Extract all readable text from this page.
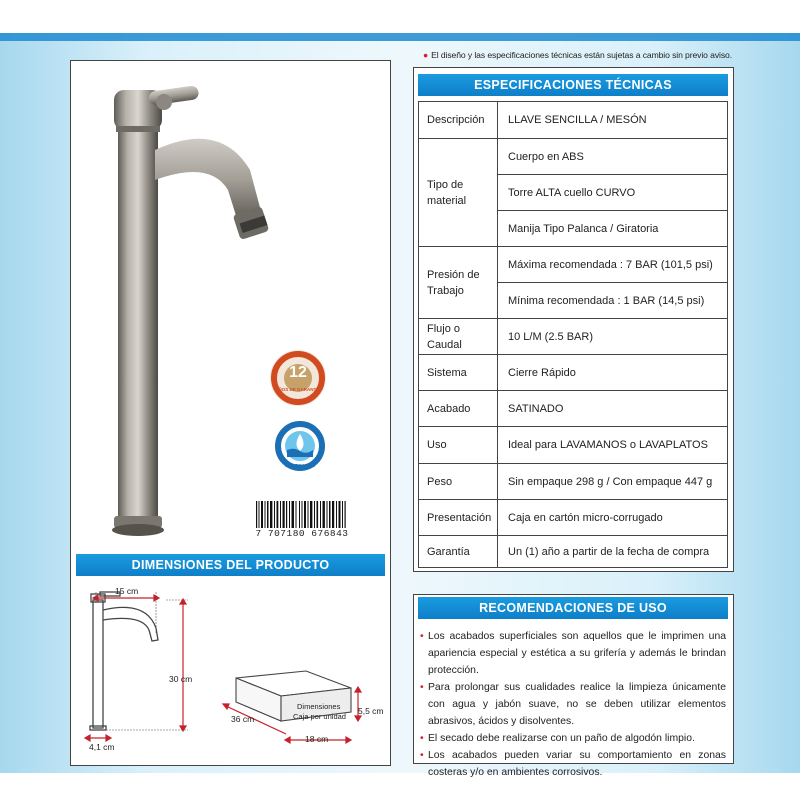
● El diseño y las especificaciones técnicas están sujetas a cambio sin previo aviso.
12
AÑOS DE GARANTÍA
AHORRADOR
7 707180 676843
DIMENSIONES DEL PRODUCTO
15 cm
30 cm
4,1 cm
Dimensiones
Caja por unidad
36 cm
18 cm
5,5 cm
ESPECIFICACIONES TÉCNICAS
Descripción	LLAVE SENCILLA / MESÓN
Tipo de material	Cuerpo en ABS
	Torre ALTA cuello CURVO
	Manija Tipo Palanca / Giratoria
Presión de Trabajo	Máxima recomendada : 7 BAR (101,5 psi)
	Mínima recomendada : 1 BAR (14,5 psi)
Flujo o Caudal	10 L/M (2.5 BAR)
Sistema	Cierre Rápido
Acabado	SATINADO
Uso	Ideal para LAVAMANOS o LAVAPLATOS
Peso	Sin empaque 298 g / Con empaque 447 g
Presentación	Caja en cartón micro-corrugado
Garantía	Un (1) año a partir de la fecha de compra
RECOMENDACIONES DE USO
• Los acabados superficiales son aquellos que le imprimen una apariencia especial y estética a su grifería y además le brindan protección.
• Para prolongar sus cualidades realice la limpieza únicamente con agua y jabón suave, no se deben utilizar elementos abrasivos, ácidos y disolventes.
• El secado debe realizarse con un paño de algodón limpio.
• Los acabados pueden variar su comportamiento en zonas costeras y/o en ambientes corrosivos.
